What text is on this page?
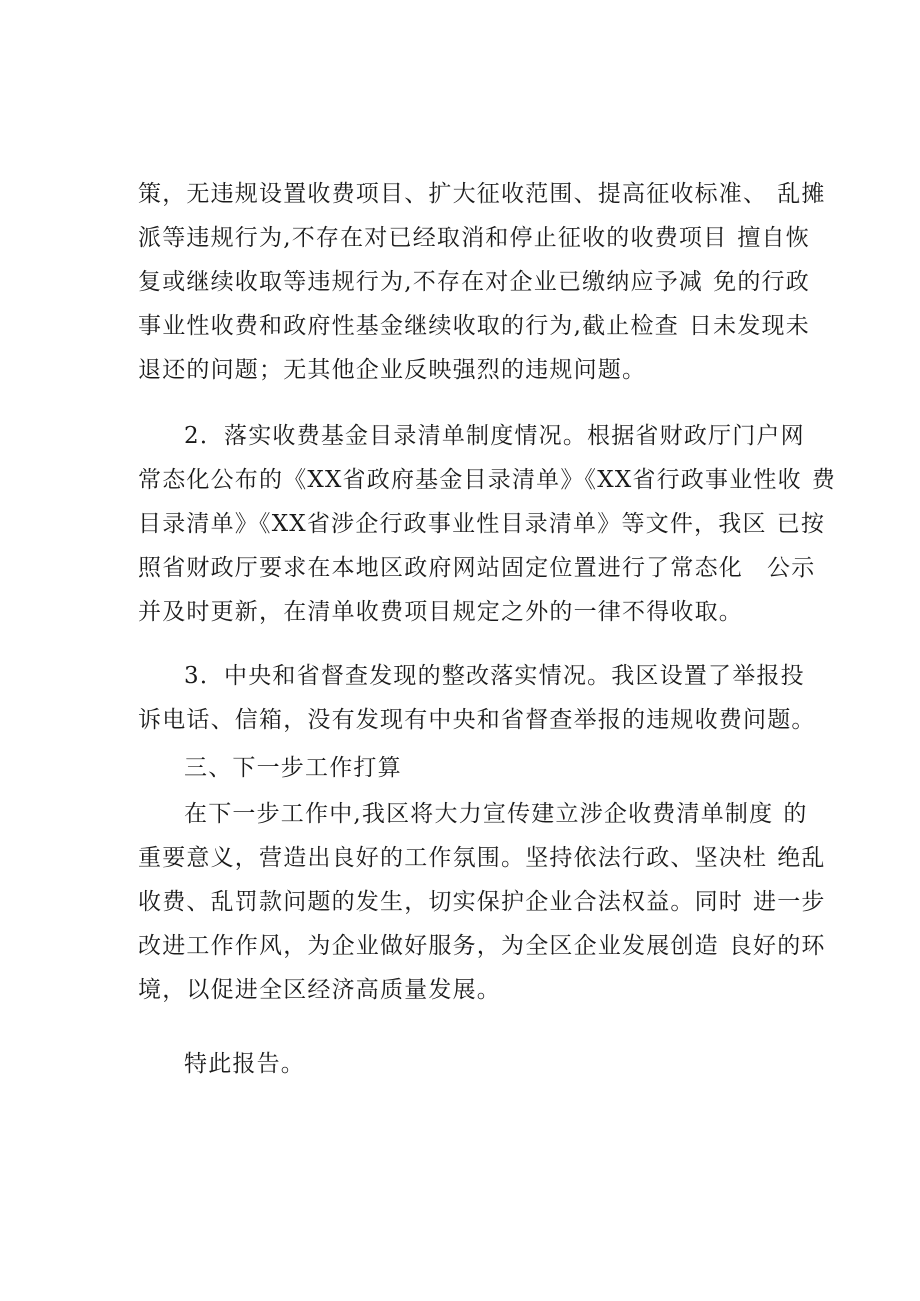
策，无违规设置收费项目、扩大征收范围、提高征收标准、 乱摊
派等违规行为,不存在对已经取消和停止征收的收费项目 擅自恢
复或继续收取等违规行为,不存在对企业已缴纳应予减 免的行政
事业性收费和政府性基金继续收取的行为,截止检查 日未发现未
退还的问题；无其他企业反映强烈的违规问题。
2．落实收费基金目录清单制度情况。根据省财政厅门户网
常态化公布的《XX省政府基金目录清单》《XX省行政事业性收 费
目录清单》《XX省涉企行政事业性目录清单》等文件，我区 已按
照省财政厅要求在本地区政府网站固定位置进行了常态化 公示
并及时更新，在清单收费项目规定之外的一律不得收取。
3．中央和省督查发现的整改落实情况。我区设置了举报投
诉电话、信箱，没有发现有中央和省督查举报的违规收费问题。
三、下一步工作打算
在下一步工作中,我区将大力宣传建立涉企收费清单制度 的
重要意义，营造出良好的工作氛围。坚持依法行政、坚决杜 绝乱
收费、乱罚款问题的发生，切实保护企业合法权益。同时 进一步
改进工作作风，为企业做好服务，为全区企业发展创造 良好的环
境，以促进全区经济高质量发展。
特此报告。
